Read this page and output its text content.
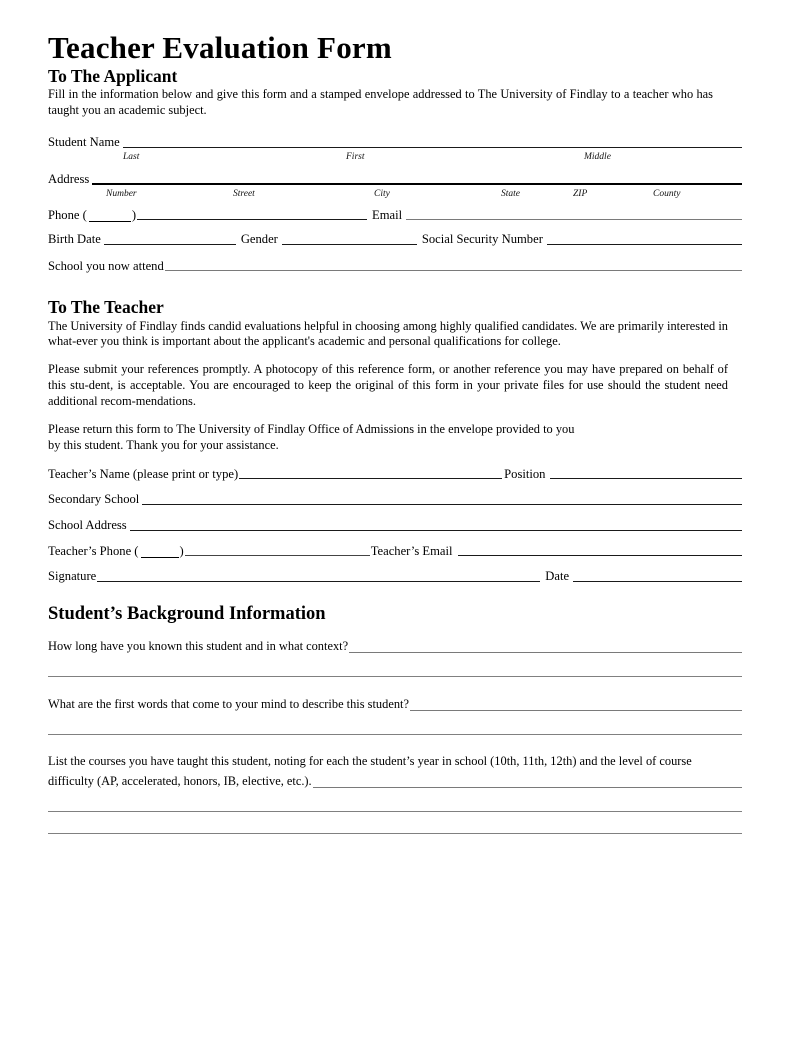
Teacher Evaluation Form
To The Applicant

Fill in the information below and give this form and a stamped envelope addressed to The University of Findlay to a teacher who has taught you an academic subject.

Student Name
Last	First	Middle
Address
Number	Street	City	State	ZIP	County
Phone (	)	Email
Birth Date	Gender	Social Security Number
School you now attend
To The Teacher

The University of Findlay finds candid evaluations helpful in choosing among highly qualified candidates. We are primarily interested in what-ever you think is important about the applicant's academic and personal qualifications for college.

Please submit your references promptly. A photocopy of this reference form, or another reference you may have prepared on behalf of this stu-dent, is acceptable. You are encouraged to keep the original of this form in your private files for use should the student need additional recom-mendations.

Please return this form to The University of Findlay Office of Admissions in the envelope provided to you

by this student. Thank you for your assistance.

Teacher’s Name (please print or type)	Position
Secondary School
School Address
Teacher’s Phone (	)	Teacher’s Email
Signature	Date
Student’s Background Information
How long have you known this student and in what context?
What are the first words that come to your mind to describe this student?
List the courses you have taught this student, noting for each the student’s year in school (10th, 11th, 12th) and the level of course
difficulty (AP, accelerated, honors, IB, elective, etc.).
